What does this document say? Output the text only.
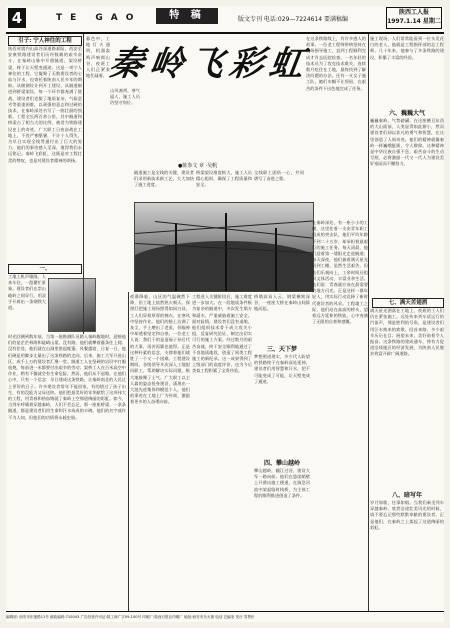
4	TE GAO	特 稿	版文专刊 电话:029—7224614 要满稿编
陕西工人报
1997.1.14 星期二
引子: 宁人神往的工程
陕西省境内山高谷深道路艰险，西安至安康铁路建设者们历经数载的艰辛奋斗，在秦岭山脉中开凿隧道，架设桥梁，终于让天堑变通途。这是一项宁人神往的工程，它凝聚了无数建设者的心血与汗水，也寄托着陕南人民多年的期盼。从勘测设计到开工建设，从隧道掘进到桥梁架设，每一个环节都充满了挑战。建设者们克服了地质复杂、气候恶劣等重重困难，以顽强的意志和过硬的技术，在秦岭深处书写了一曲壮丽的凯歌。工程全长两百余公里，其中隧道和桥梁占了相当大的比例，被誉为铁路建设史上的奇迹。广大职工日夜奋战在工地上，不畏严寒酷暑，不计个人得失，为早日实现全线贯通付出了巨大的努力。他们的事迹感人至深，值得我们永远铭记。秦岭飞彩虹，这既是对工程壮美的赞叹，也是对建设者精神的颂扬。
一、
工地上机声隆隆，人来车往，一派繁忙景象。建设者们在崇山峻岭之间穿行，用双手开辟出一条钢铁大道。
时光回溯到数年前，当第一批勘测队员踏入秦岭腹地时，迎接他们的是茫茫林海和陡峭山崖。没有路，他们就攀着藤条往上爬；没有住处，他们就在山洞里搭起帐篷。风餐露宿，日复一日，他们硬是用脚步丈量出了这条铁路的走向。后来，施工大军开进山区，成千上万的建设者汇聚一堂。隧道工人在坚硬的岩层中打眼放炮，每前进一米都要付出艰辛的劳动；架桥工人在百米高空中作业，稍有不慎就会有生命危险。然而，他们从不退缩。在他们心中，只有一个信念：早日建成这条铁路，让秦岭南北的人民过上更好的日子。许多建设者常年不能回家，有的错过了孩子出生，有的没能为父母送终。他们把最美好的年华献给了这项伟大的工程，用青春和热血铸就了秦岭上空那道绚丽的彩虹。如今，当列车呼啸着穿越秦岭，人们不会忘记，那一座座桥梁、一条条隧道，都是建设者们用生命和汗水筑成的丰碑。他们的名字或许不为人知，但他们的功绩将永载史册。
暮色中，工地灯火通明，机器轰鸣声响彻山谷，夜班工人们正紧张地忙碌着。 秦岭飞彩虹
山风凛冽，寒气逼人，施工人员仍坚守岗位。
在这条铁路线上，有许多感人的故事。一位老工程师带病坚持在现场指导施工，直到工程顺利完成才肯去医院检查。一名年轻的技术员为了攻克技术难关，连续数月吃住在工地，最终找到了解决问题的办法。还有一支女子施工队，她们巾帼不让须眉，在艰苦的条件下出色地完成了任务。
●陈参文 章 ·吴帆
隧道施工是全线的关键，建设者们采用新技术新工艺，大大加快了施工进度。
桥梁架设难度极大，施工人员精心组织，确保了工程质量和安全。
全线职工团结一心，共同谱写了奋进之歌。
夜幕降临，山区的气温骤然下降，但工地上依然热火朝天。探照灯把施工现场照得如同白昼，工人们穿着厚厚的棉衣，在寒风中坚持作业。他们的脸上沾满了灰尘，手上磨出了老茧，但眼神中却透着坚定和自豪。一位老工人说：我们干的是造福子孙后代的大事，再苦再累也值得。正是这种朴素的信念，支撑着他们战胜了一个又一个困难。工程建设期间，各级领导多次深入工地慰问职工，帮助解决实际问题，极大地鼓舞了士气。广大职工以主人翁的姿态投身建设，涌现出一大批先进集体和模范个人。他们的事迹在工地上广为传颂，激励着更多的人奋勇向前。
工程进入关键阶段后，施工难度进一步加大。在一段地质条件极为复杂的隧道中，多次发生塌方和涌水，严重威胁着施工安全。面对险情，建设者们没有退缩，他们组织技术骨干成立攻关小组，反复研究论证，制定出切实可行的施工方案。经过数月的艰苦奋战，终于安全顺利地通过了不良地质地段，创造了同类工程施工的新纪录。这一成果得到了上级部门的高度评价，也为今后类似工程积累了宝贵经验。
三、天下梦
桥墩高耸入云，钢梁横跨深谷，一座座大桥在秦岭山间拔地而起。
梦想照进现实，多少代人盼望的铁路终于在秦岭深处延伸。建设者们用智慧和汗水，把不可能变成了可能，让天堑变成了通途。
四、攀山越岭
攀山越岭，翻江过河，建设大军一路向前。他们在悬崖峭壁上开凿出施工便道，在湍急河流中架起临时栈桥，为主体工程的顺利推进创造了条件。
在秦岭深处，有一座小小的工棚，这里住着一支由青年职工组成的突击队。他们平均年龄不到二十五岁，却承担着最艰巨的施工任务。每天清晨，他们迎着第一缕阳光走进隧道；每天深夜，他们披着满天星光回到工棚。虽然生活艰苦，但他们乐观向上，工余时间还组织文体活动，丰富业余生活。他们说：青春就应该在最需要的地方闪光。正是这样一群年轻人，用实际行动诠释了新时代建设者的风采。工程竣工之际，他们站在高高的桥头，望着远方延伸的铁轨，心中充满了无限的自豪和感慨。
施工现场，人们常常能看到一位头发花白的老人，他就是工程指挥部的总工程师。几十年来，他参与了多条铁路的建设，积累了丰富的经验。
六、巍巍大气
巍巍秦岭，气势磅礴。在这座横亘东西的大山面前，人类显得如此渺小，然而建设者们却以非凡的勇气和智慧，在这里创造了人间奇迹。他们的精神就像秦岭一样巍峨挺拔，令人敬仰。这种精神是中华民族自强不息、艰苦奋斗的生动写照，必将激励一代又一代人为建设美好家园而不懈努力。
七、满天苦翅洒
满天星光洒落在工地上，夜班的工人们仍在紧张施工。远处传来列车试运行的汽笛声，那是胜利的号角，是建设者们用汗水换来的欢歌。回首来路，多少艰辛历历在目；展望未来，美好前景令人振奋。这条铁路的建成通车，将有力促进沿线地区的经济发展，为陕南人民脱贫致富开辟广阔道路。
八、暗写年
岁月如歌，往事如烟。当我们乘坐列车穿越秦岭，欣赏沿途壮美风光的时候，请不要忘记那些默默奉献的建设者。正是他们，在秦岭之上架起了这道绚丽的彩虹。
编辑部: 西安市东莲路11号 邮政编码:710043 广告经营许可证:陕工商广字09-100号 印刷厂:陕西日报社印刷厂 地址:西安市东大街 电话 总编室 发行 零售价
